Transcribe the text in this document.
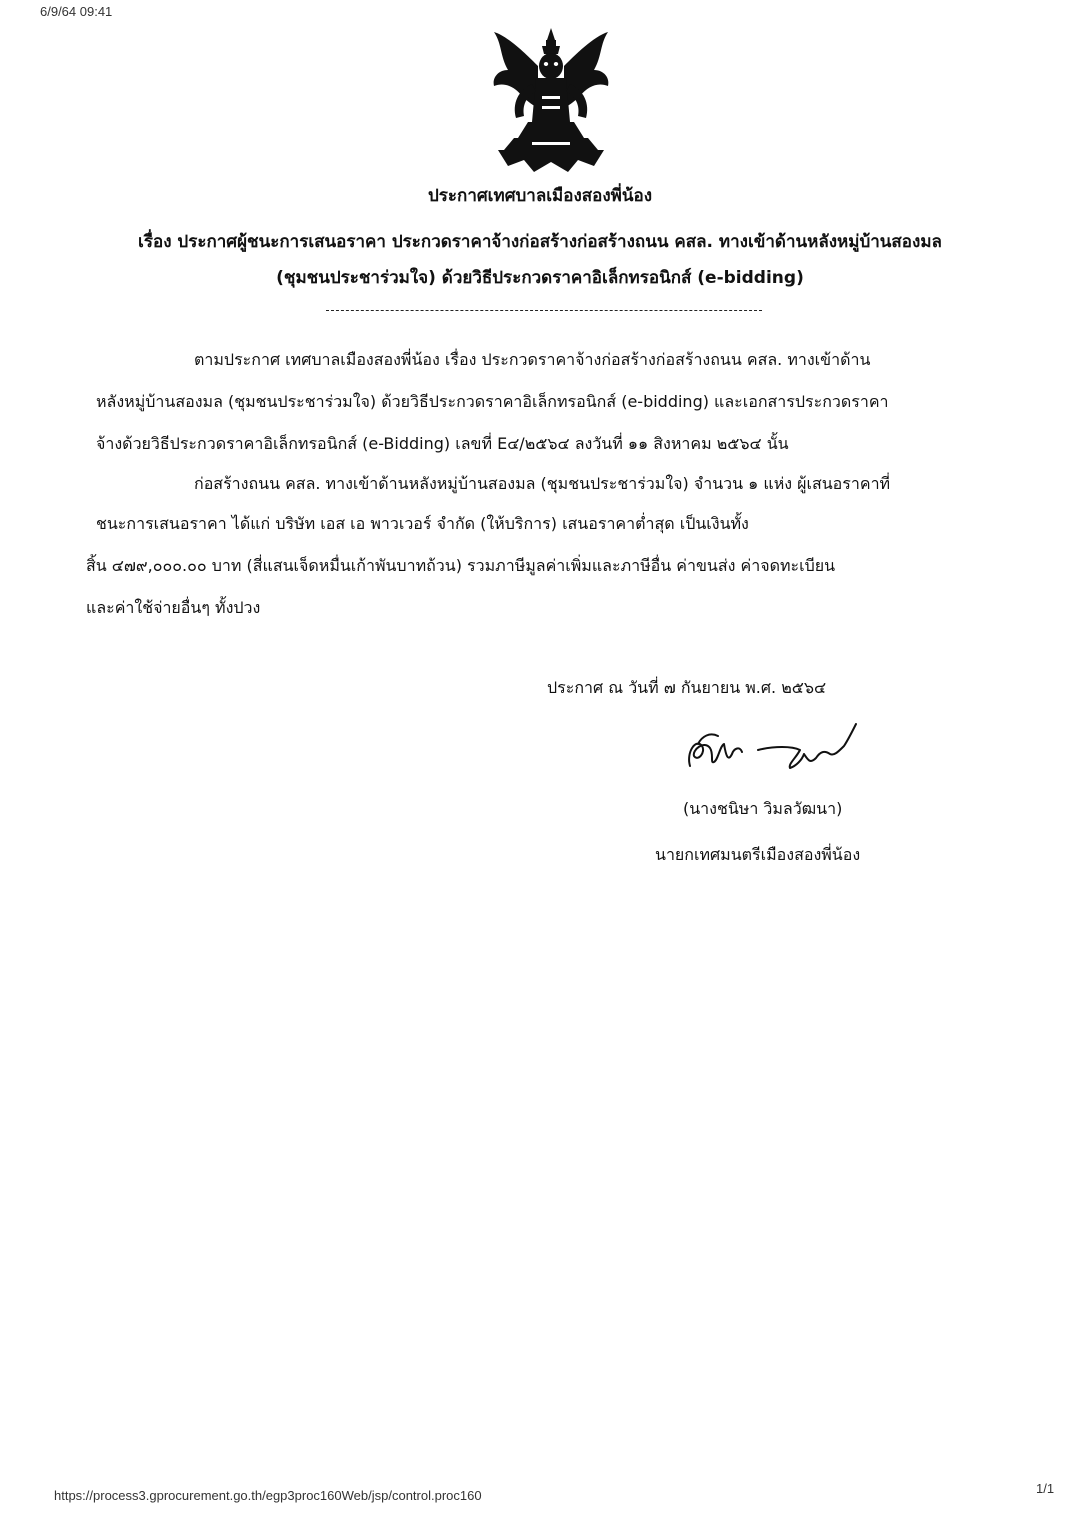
6/9/64 09:41
ประกาศเทศบาลเมืองสองพี่น้อง
เรื่อง ประกาศผู้ชนะการเสนอราคา ประกวดราคาจ้างก่อสร้างก่อสร้างถนน คสล. ทางเข้าด้านหลังหมู่บ้านสองมล
(ชุมชนประชาร่วมใจ) ด้วยวิธีประกวดราคาอิเล็กทรอนิกส์ (e-bidding)
ตามประกาศ เทศบาลเมืองสองพี่น้อง เรื่อง ประกวดราคาจ้างก่อสร้างก่อสร้างถนน คสล. ทางเข้าด้าน
หลังหมู่บ้านสองมล (ชุมชนประชาร่วมใจ) ด้วยวิธีประกวดราคาอิเล็กทรอนิกส์ (e-bidding) และเอกสารประกวดราคา
จ้างด้วยวิธีประกวดราคาอิเล็กทรอนิกส์ (e-Bidding) เลขที่ E๔/๒๕๖๔ ลงวันที่ ๑๑ สิงหาคม ๒๕๖๔ นั้น
ก่อสร้างถนน คสล. ทางเข้าด้านหลังหมู่บ้านสองมล (ชุมชนประชาร่วมใจ) จำนวน ๑ แห่ง ผู้เสนอราคาที่
ชนะการเสนอราคา ได้แก่ บริษัท เอส เอ พาวเวอร์ จำกัด (ให้บริการ) เสนอราคาต่ำสุด เป็นเงินทั้ง
สิ้น ๔๗๙,๐๐๐.๐๐ บาท (สี่แสนเจ็ดหมื่นเก้าพันบาทถ้วน) รวมภาษีมูลค่าเพิ่มและภาษีอื่น ค่าขนส่ง ค่าจดทะเบียน
และค่าใช้จ่ายอื่นๆ ทั้งปวง
ประกาศ ณ วันที่ ๗ กันยายน พ.ศ. ๒๕๖๔
(นางชนิษา วิมลวัฒนา)
นายกเทศมนตรีเมืองสองพี่น้อง
https://process3.gprocurement.go.th/egp3proc160Web/jsp/control.proc160	1/1
